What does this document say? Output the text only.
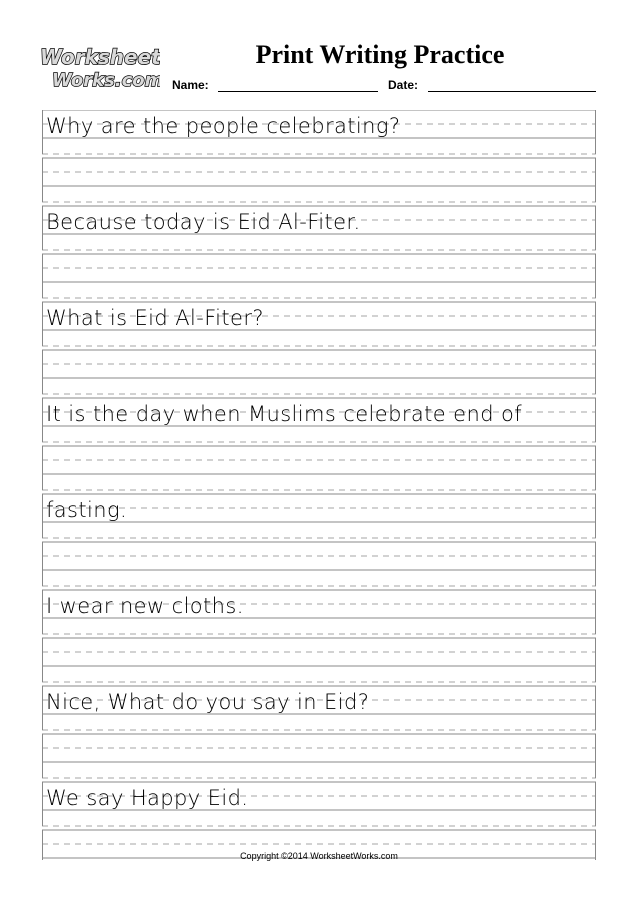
Worksheet
Works.com
Print Writing Practice
Name:	Date:
Why are the people celebrating?
Because today is Eid Al-Fiter.
What is Eid Al-Fiter?
It is the day when Muslims celebrate end of
fasting.
I wear new cloths.
Nice, What do you say in Eid?
We say Happy Eid.
Copyright ©2014 WorksheetWorks.com
